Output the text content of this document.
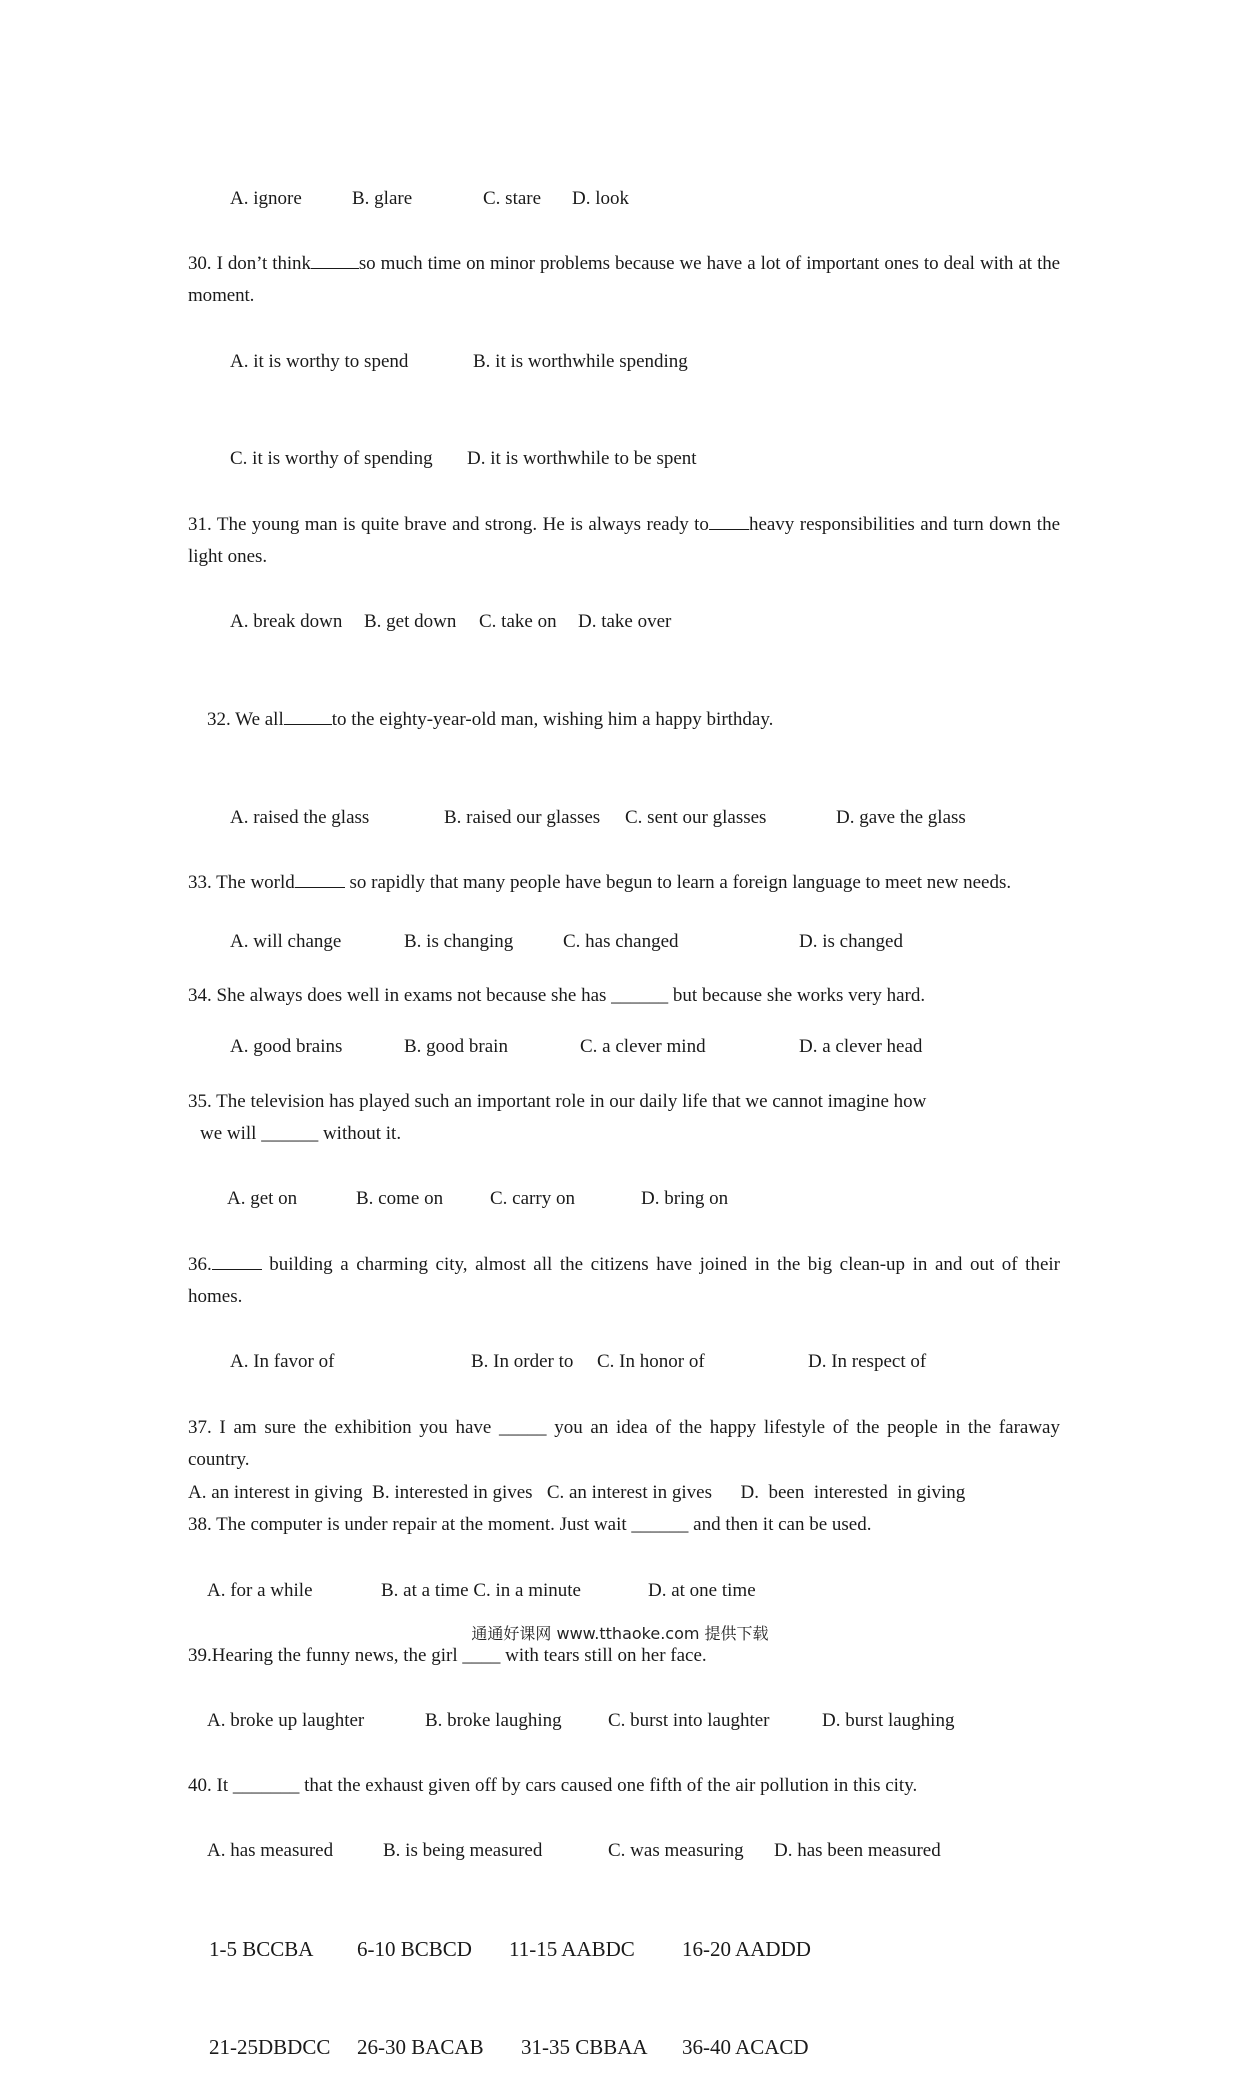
A. ignore	B. glare	C. stare D. look

30. I don’t think	so much time on minor problems because we have a lot of important ones to deal with at the moment.

A. it is worthy to spend	B. it is worthwhile spending

C. it is worthy of spending D. it is worthwhile to be spent

31. The young man is quite brave and strong. He is always ready to heavy responsibilities and turn down the light ones.

A. break down B. get down C. take on D. take over

32. We all	to the eighty-year-old man, wishing him a happy birthday.

A. raised the glass	B. raised our glasses C. sent our glasses	D. gave the glass

33. The world	so rapidly that many people have begun to learn a foreign language to meet new needs.

A. will change	B. is changing	C. has changed	D. is changed

34. She always does well in exams not because she has ______ but because she works very hard.

A. good brains	B. good brain	C. a clever mind	D. a clever head

35. The television has played such an important role in our daily life that we cannot imagine how
we will ______ without it.

A. get on	B. come on C. carry on	D. bring on

36.	building a charming city, almost all the citizens have joined in the big clean-up in and out of their homes.

A. In favor of	B. In order to C. In honor of	D. In respect of

37. I am sure the exhibition you have _____ you an idea of the happy lifestyle of the people in the faraway country.
A. an interest in giving  B. interested in gives   C. an interest in gives      D.  been  interested  in giving
38. The computer is under repair at the moment. Just wait ______ and then it can be used.

A. for a while	B. at a time C. in a minute	D. at one time

39.Hearing the funny news, the girl ____ with tears still on her face.

A. broke up laughter	B. broke laughing C. burst into laughter	D. burst laughing

40. It _______ that the exhaust given off by cars caused one fifth of the air pollution in this city.

A. has measured	B. is being measured	C. was measuring D. has been measured

1-5 BCCBA 6-10 BCBCD 11-15 AABDC 16-20 AADDD

21-25DBDCC 26-30 BACAB 31-35 CBBAA 36-40 ACACD

通通好课网 www.tthaoke.com 提供下载
